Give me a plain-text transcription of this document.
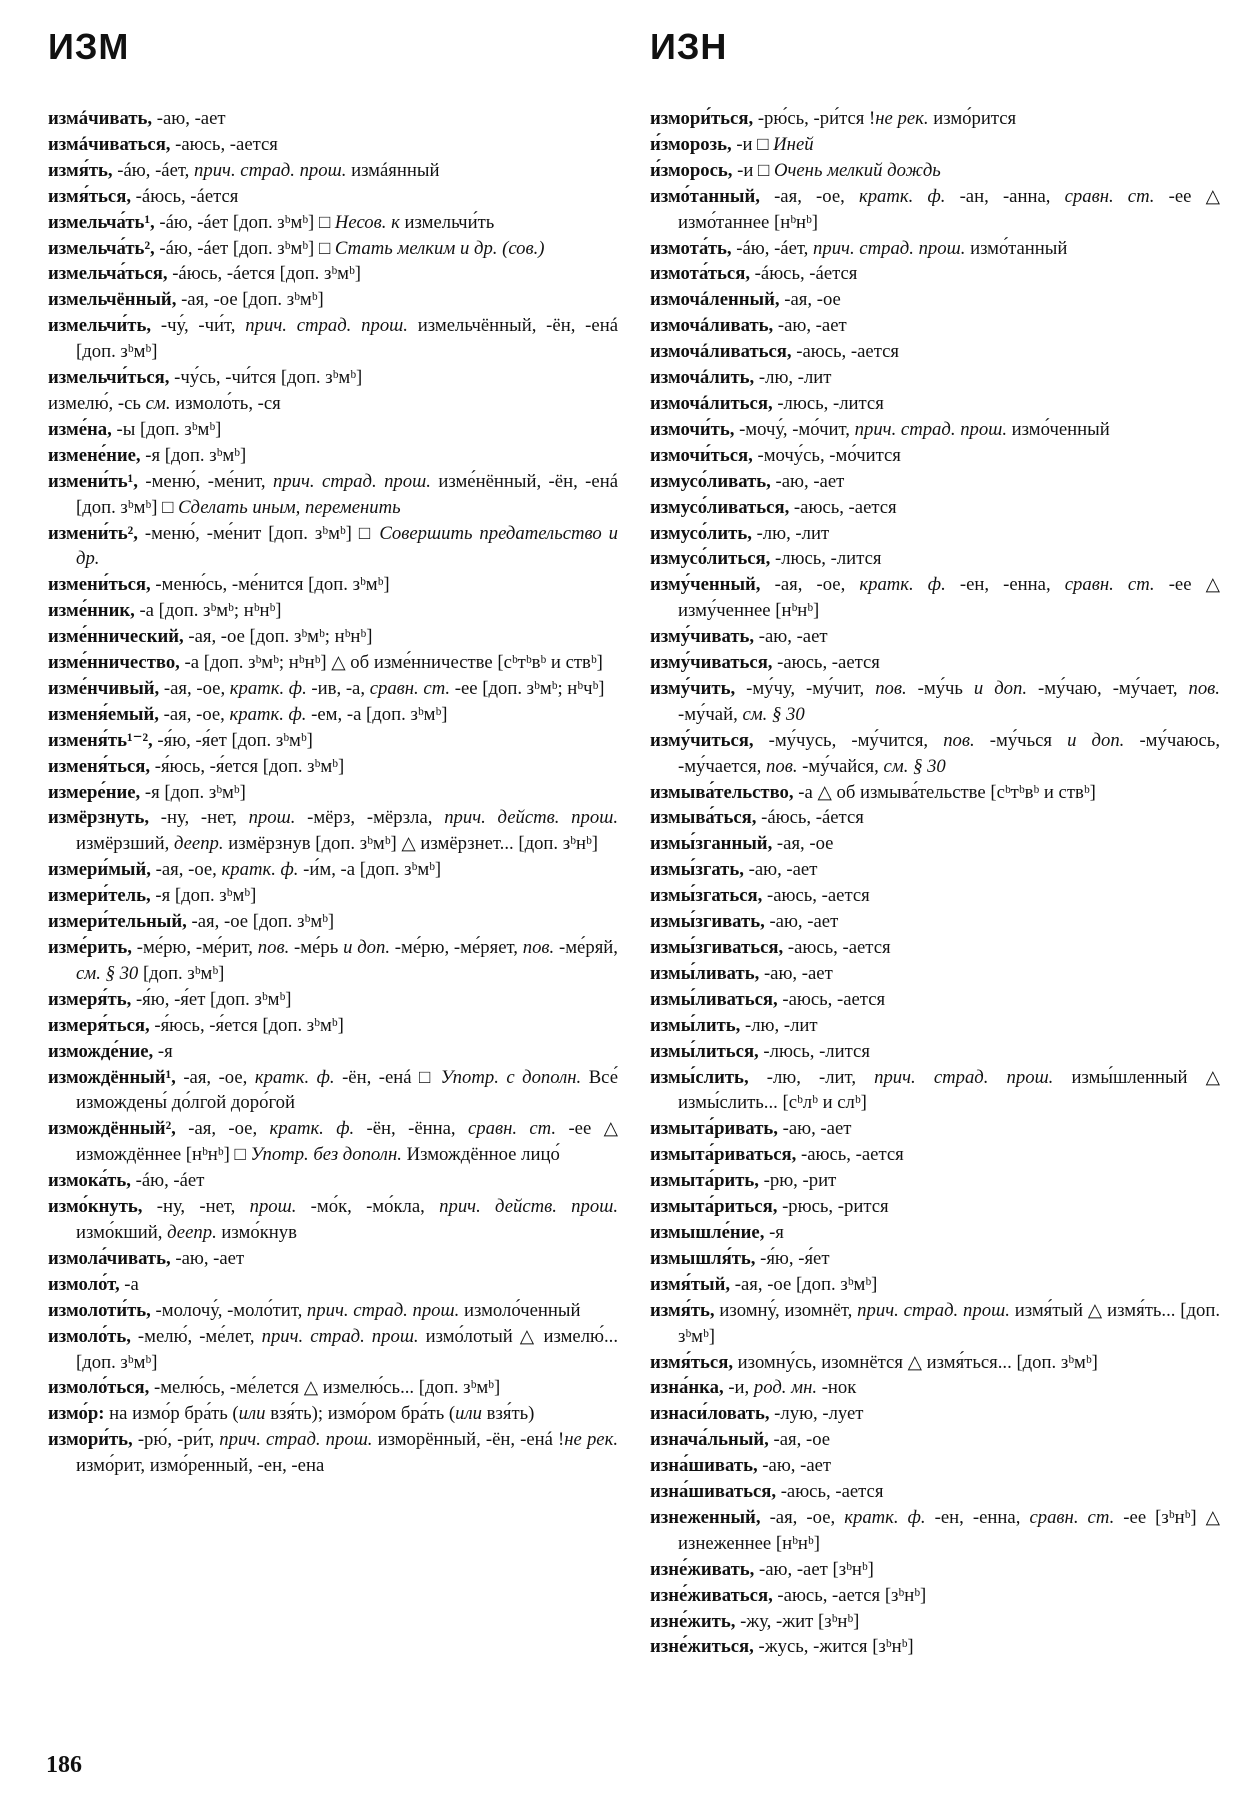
ИЗМ	ИЗН
измáчивать, -аю, -ает
измáчиваться, -аюсь, -ается
измя́ть, -áю, -áет, прич. страд. прош. измáянный
измя́ться, -áюсь, -áется
измельча́ть¹, -áю, -áет [доп. зᵇмᵇ] □ Несов. к измельчи́ть
измельча́ть², -áю, -áет [доп. зᵇмᵇ] □ Стать мелким и др. (сов.)
измельча́ться, -áюсь, -áется [доп. зᵇмᵇ]
измельчённый, -ая, -ое [доп. зᵇмᵇ]
измельчи́ть, -чу́, -чи́т, прич. страд. прош. измельчённый, -ён, -енá [доп. зᵇмᵇ]
измельчи́ться, -чу́сь, -чи́тся [доп. зᵇмᵇ]
измелю́, -сь см. измоло́ть, -ся
изме́на, -ы [доп. зᵇмᵇ]
измене́ние, -я [доп. зᵇмᵇ]
измени́ть¹, -меню́, -ме́нит, прич. страд. прош. изме́нённый, -ён, -енá [доп. зᵇмᵇ] □ Сделать иным, переменить
измени́ть², -меню́, -ме́нит [доп. зᵇмᵇ] □ Совершить предательство и др.
измени́ться, -меню́сь, -ме́нится [доп. зᵇмᵇ]
изме́нник, -а [доп. зᵇмᵇ; нᵇнᵇ]
изме́ннический, -ая, -ое [доп. зᵇмᵇ; нᵇнᵇ]
изме́нничество, -а [доп. зᵇмᵇ; нᵇнᵇ] △ об изме́нничестве [cᵇтᵇвᵇ и cтвᵇ]
изме́нчивый, -ая, -ое, кратк. ф. -ив, -а, сравн. ст. -ее [доп. зᵇмᵇ; нᵇчᵇ]
изменя́емый, -ая, -ое, кратк. ф. -ем, -а [доп. зᵇмᵇ]
изменя́ть¹⁻², -я́ю, -я́ет [доп. зᵇмᵇ]
изменя́ться, -я́юсь, -я́ется [доп. зᵇмᵇ]
измере́ние, -я [доп. зᵇмᵇ]
измёрзнуть, -ну, -нет, прош. -мёрз, -мёрзла, прич. действ. прош. измёрзший, деепр. измёрзнув [доп. зᵇмᵇ] △ измёрзнет... [доп. зᵇнᵇ]
измери́мый, -ая, -ое, кратк. ф. -и́м, -а [доп. зᵇмᵇ]
измери́тель, -я [доп. зᵇмᵇ]
измери́тельный, -ая, -ое [доп. зᵇмᵇ]
изме́рить, -ме́рю, -ме́рит, пов. -ме́рь и доп. -ме́рю, -ме́ряет, пов. -ме́ряй, см. § 30 [доп. зᵇмᵇ]
измеря́ть, -я́ю, -я́ет [доп. зᵇмᵇ]
измеря́ться, -я́юсь, -я́ется [доп. зᵇмᵇ]
изможде́ние, -я
измождённый¹, -ая, -ое, кратк. ф. -ён, -енá □ Употр. с дополн. Все́ измождены́ до́лгой доро́гой
измождённый², -ая, -ое, кратк. ф. -ён, -ённа, сравн. ст. -ее △ измождённее [нᵇнᵇ] □ Употр. без дополн. Измождённое лицо́
измока́ть, -áю, -áет
измо́кнуть, -ну, -нет, прош. -мо́к, -мо́кла, прич. действ. прош. измо́кший, деепр. измо́кнув
измола́чивать, -аю, -ает
измоло́т, -а
измолоти́ть, -молочу́, -моло́тит, прич. страд. прош. измоло́ченный
измоло́ть, -мелю́, -ме́лет, прич. страд. прош. измо́лотый △ измелю́... [доп. зᵇмᵇ]
измоло́ться, -мелю́сь, -ме́лется △ измелю́сь... [доп. зᵇмᵇ]
измо́р: на измо́р бра́ть (или взя́ть); измо́ром бра́ть (или взя́ть)
измори́ть, -рю́, -ри́т, прич. страд. прош. изморённый, -ён, -енá !не рек. измо́рит, измо́ренный, -ен, -ена
измори́ться, -рю́сь, -ри́тся !не рек. измо́рится
и́зморозь, -и □ Иней
и́зморось, -и □ Очень мелкий дождь
измо́танный, -ая, -ое, кратк. ф. -ан, -анна, сравн. ст. -ее △ измо́таннее [нᵇнᵇ]
измота́ть, -áю, -áет, прич. страд. прош. измо́танный
измота́ться, -áюсь, -áется
измочáленный, -ая, -ое
измочáливать, -аю, -ает
измочáливаться, -аюсь, -ается
измочáлить, -лю, -лит
измочáлиться, -люсь, -лится
измочи́ть, -мочу́, -мо́чит, прич. страд. прош. измо́ченный
измочи́ться, -мочу́сь, -мо́чится
измусо́ливать, -аю, -ает
измусо́ливаться, -аюсь, -ается
измусо́лить, -лю, -лит
измусо́литься, -люсь, -лится
изму́ченный, -ая, -ое, кратк. ф. -ен, -енна, сравн. ст. -ее △ изму́ченнее [нᵇнᵇ]
изму́чивать, -аю, -ает
изму́чиваться, -аюсь, -ается
изму́чить, -му́чу, -му́чит, пов. -му́чь и доп. -му́чаю, -му́чает, пов. -му́чай, см. § 30
изму́читься, -му́чусь, -му́чится, пов. -му́чься и доп. -му́чаюсь, -му́чается, пов. -му́чайся, см. § 30
измыва́тельство, -а △ об измыва́тельстве [cᵇтᵇвᵇ и cтвᵇ]
измыва́ться, -áюсь, -áется
измы́зганный, -ая, -ое
измы́згать, -аю, -ает
измы́згаться, -аюсь, -ается
измы́згивать, -аю, -ает
измы́згиваться, -аюсь, -ается
измы́ливать, -аю, -ает
измы́ливаться, -аюсь, -ается
измы́лить, -лю, -лит
измы́литься, -люсь, -лится
измы́слить, -лю, -лит, прич. страд. прош. измы́шленный △ измы́слить... [cᵇлᵇ и cлᵇ]
измыта́ривать, -аю, -ает
измыта́риваться, -аюсь, -ается
измыта́рить, -рю, -рит
измыта́риться, -рюсь, -рится
измышле́ние, -я
измышля́ть, -я́ю, -я́ет
измя́тый, -ая, -ое [доп. зᵇмᵇ]
измя́ть, изомну́, изомнёт, прич. страд. прош. измя́тый △ измя́ть... [доп. зᵇмᵇ]
измя́ться, изомну́сь, изомнётся △ измя́ться... [доп. зᵇмᵇ]
изна́нка, -и, род. мн. -нок
изнаси́ловать, -лую, -лует
изнача́льный, -ая, -ое
изна́шивать, -аю, -ает
изна́шиваться, -аюсь, -ается
изнеженный, -ая, -ое, кратк. ф. -ен, -енна, сравн. ст. -ее [зᵇнᵇ] △ изнеженнее [нᵇнᵇ]
изне́живать, -аю, -ает [зᵇнᵇ]
изне́живаться, -аюсь, -ается [зᵇнᵇ]
изне́жить, -жу, -жит [зᵇнᵇ]
изне́житься, -жусь, -жится [зᵇнᵇ]
186
